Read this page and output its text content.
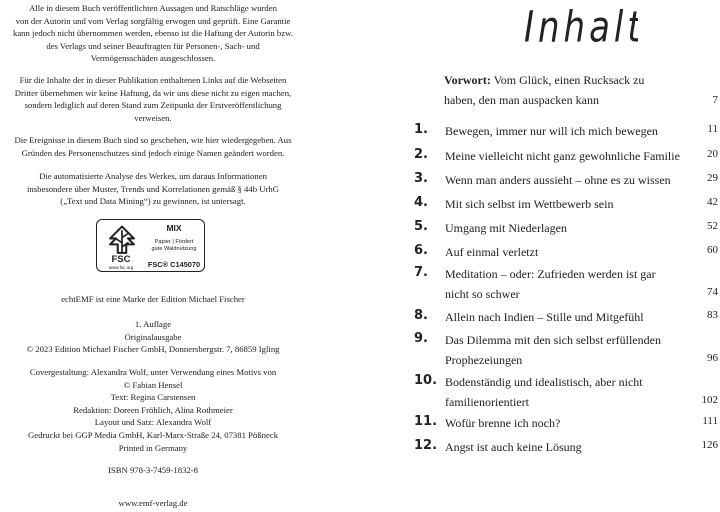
Alle in diesem Buch veröffentlichten Aussagen und Ratschläge wurden
von der Autorin und vom Verlag sorgfältig erwogen und geprüft. Eine Garantie
kann jedoch nicht übernommen werden, ebenso ist die Haftung der Autorin bzw.
des Verlags und seiner Beauftragten für Personen-, Sach- und
Vermögensschäden ausgeschlossen.

Für die Inhalte der in dieser Publikation enthaltenen Links auf die Webseiten
Dritter übernehmen wir keine Haftung, da wir uns diese nicht zu eigen machen,
sondern lediglich auf deren Stand zum Zeitpunkt der Erstveröffentlichung
verweisen.

Die Ereignisse in diesem Buch sind so geschehen, wie hier wiedergegeben. Aus
Gründen des Personenschutzes sind jedoch einige Namen geändert worden.

Die automatisierte Analyse des Werkes, um daraus Informationen
insbesondere über Muster, Trends und Korrelationen gemäß § 44b UrhG
(„Text und Data Mining“) zu gewinnen, ist untersagt.

FSC
www.fsc.org
MIX
Papier | Fördert
gute Waldnutzung
FSC® C145070

echtEMF ist eine Marke der Edition Michael Fischer

1. Auflage
Originalausgabe
© 2023 Edition Michael Fischer GmbH, Donnersbergstr. 7, 86859 Igling

Covergestaltung: Alexandra Wolf, unter Verwendung eines Motivs von
© Fabian Hensel
Text: Regina Carstensen
Redaktion: Doreen Fröhlich, Alina Rothmeier
Layout und Satz: Alexandra Wolf
Gedruckt bei GGP Media GmbH, Karl-Marx-Straße 24, 07381 Pößneck
Printed in Germany

ISBN 978-3-7459-1832-8

www.emf-verlag.de

Inhalt
Vorwort: Vom Glück, einen Rucksack zu
haben, den man auspacken kann	7
1. Bewegen, immer nur will ich mich bewegen	11
2. Meine vielleicht nicht ganz gewohnliche Familie 20
3. Wenn man anders aussieht – ohne es zu wissen	29
4. Mit sich selbst im Wettbewerb sein	42
5. Umgang mit Niederlagen	52
6. Auf einmal verletzt	60
7. Meditation – oder: Zufrieden werden ist gar
nicht so schwer	74
8. Allein nach Indien – Stille und Mitgefühl	83
9. Das Dilemma mit den sich selbst erfüllenden
Prophezeiungen	96
10. Bodenständig und idealistisch, aber nicht
familienorientiert	102
11. Wofür brenne ich noch?	111
12. Angst ist auch keine Lösung	126
